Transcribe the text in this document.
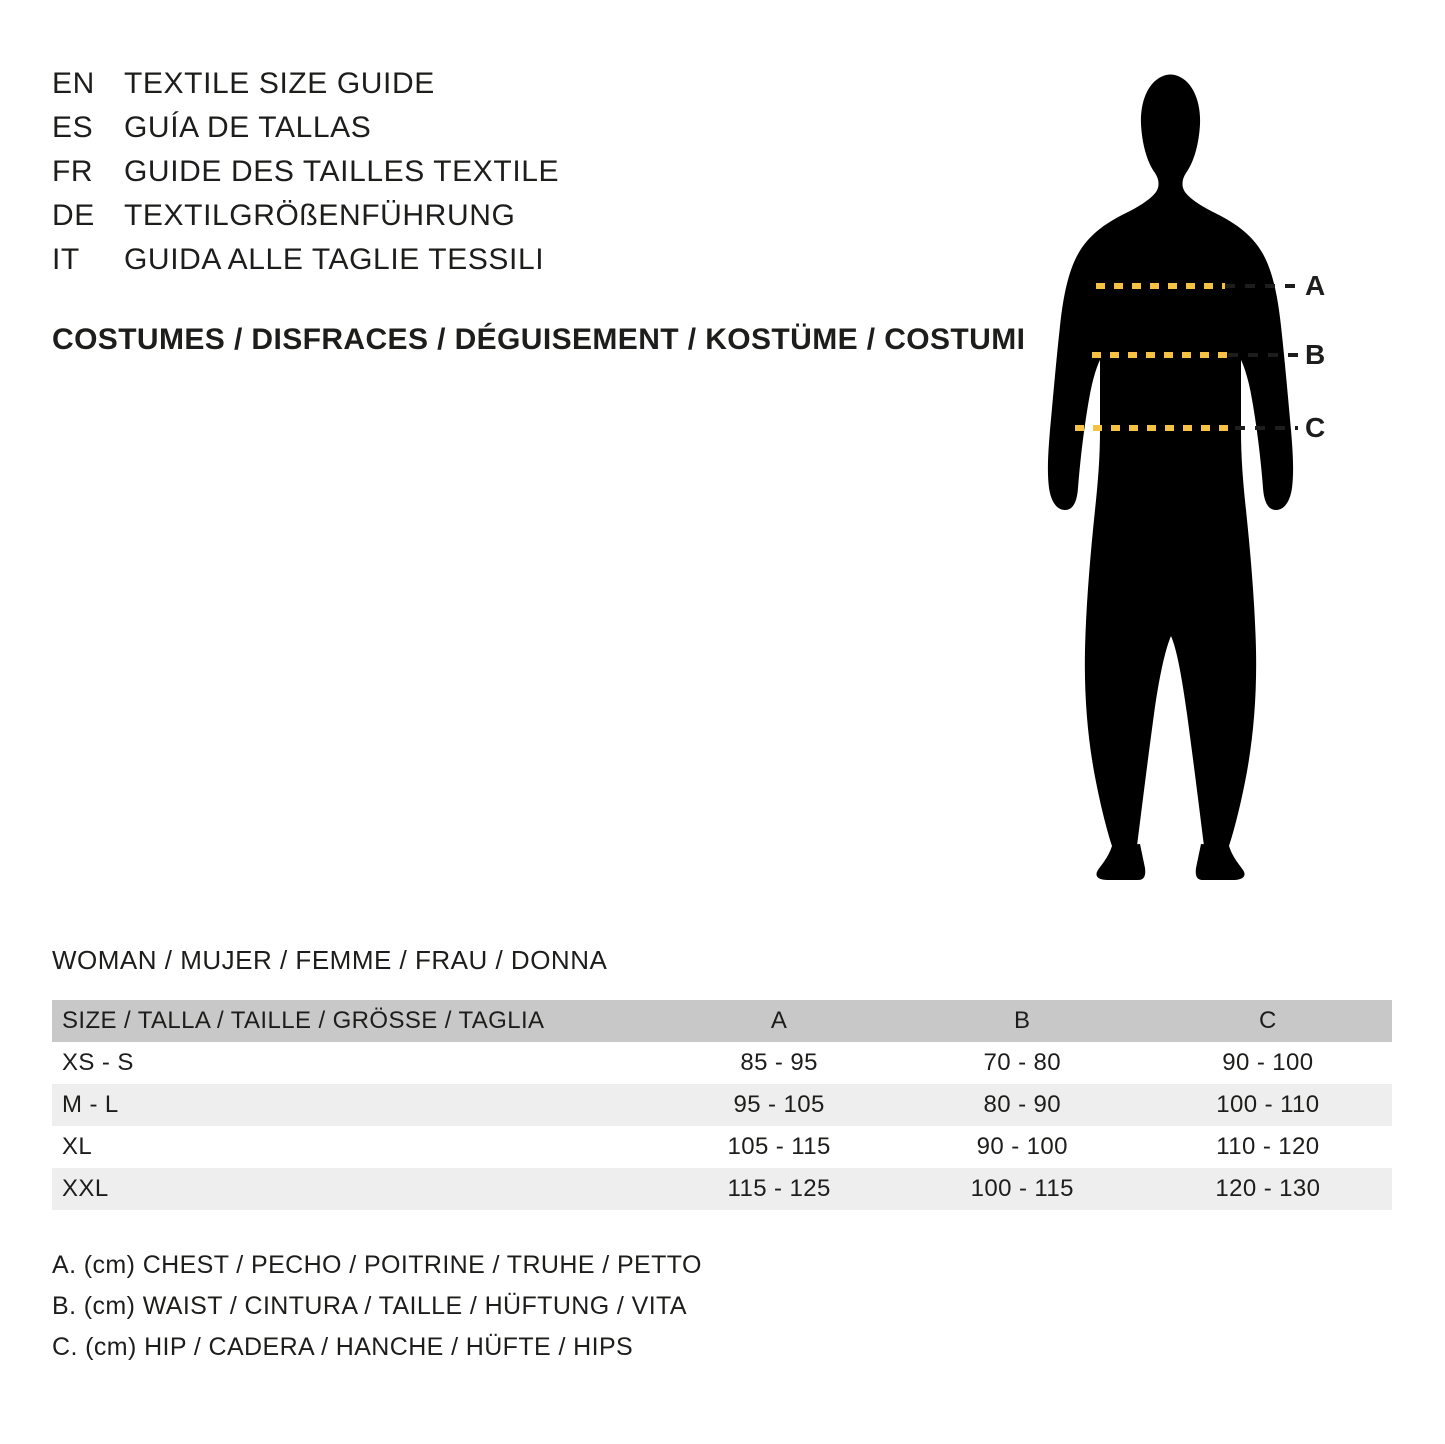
EN TEXTILE SIZE GUIDE
ES	GUÍA DE TALLAS
FR	GUIDE DES TAILLES TEXTILE
DE TEXTILGRÖßENFÜHRUNG
IT	GUIDA ALLE TAGLIE TESSILI
COSTUMES / DISFRACES / DÉGUISEMENT / KOSTÜME / COSTUMI
A
B
C
WOMAN / MUJER / FEMME / FRAU / DONNA
SIZE / TALLA / TAILLE / GRÖSSE / TAGLIA	A	B	C
XS - S	85 - 95	70 - 80	90 - 100
M - L	95 - 105	80 - 90	100 - 110
XL	105 - 115	90 - 100	110 - 120
XXL	115 - 125	100 - 115	120 - 130
A. (cm) CHEST / PECHO / POITRINE / TRUHE / PETTO
B. (cm) WAIST / CINTURA / TAILLE / HÜFTUNG / VITA
C. (cm) HIP / CADERA / HANCHE / HÜFTE / HIPS
